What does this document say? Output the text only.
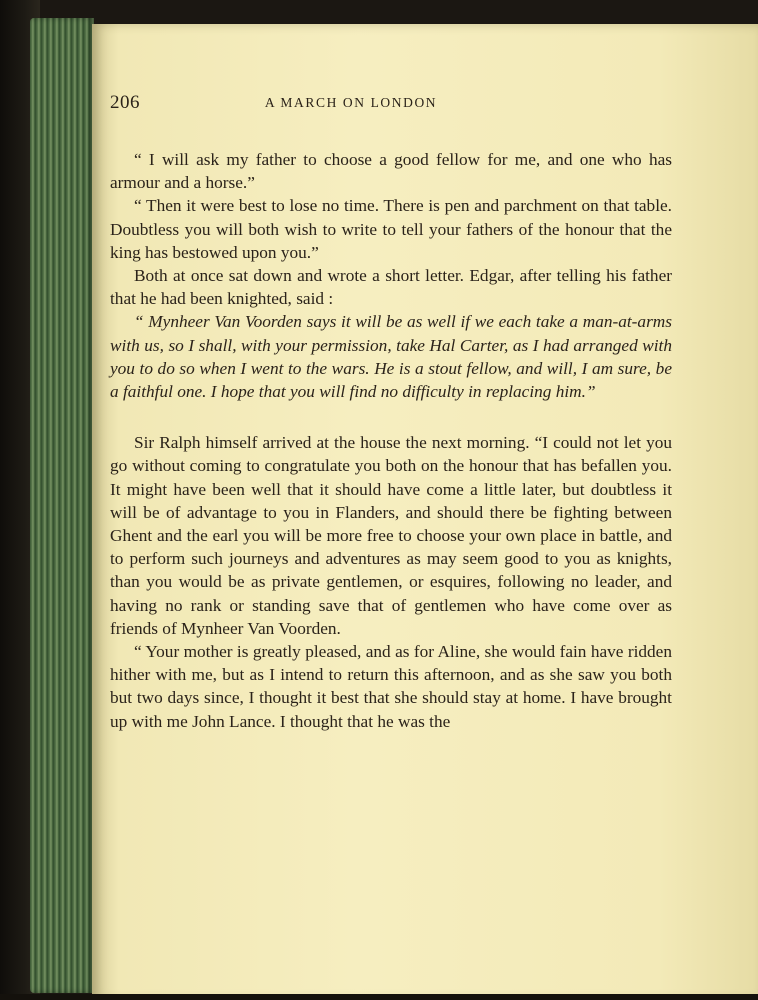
206	A MARCH ON LONDON

“ I will ask my father to choose a good fellow for me, and one who has armour and a horse.”

“ Then it were best to lose no time. There is pen and parchment on that table. Doubtless you will both wish to write to tell your fathers of the honour that the king has bestowed upon you.”

Both at once sat down and wrote a short letter. Edgar, after telling his father that he had been knighted, said :

“ Mynheer Van Voorden says it will be as well if we each take a man-at-arms with us, so I shall, with your permission, take Hal Carter, as I had arranged with you to do so when I went to the wars. He is a stout fellow, and will, I am sure, be a faithful one. I hope that you will find no difficulty in replacing him.”

Sir Ralph himself arrived at the house the next morning. “I could not let you go without coming to congratulate you both on the honour that has befallen you. It might have been well that it should have come a little later, but doubtless it will be of advantage to you in Flanders, and should there be fighting between Ghent and the earl you will be more free to choose your own place in battle, and to perform such journeys and adventures as may seem good to you as knights, than you would be as private gentlemen, or esquires, following no leader, and having no rank or standing save that of gentlemen who have come over as friends of Mynheer Van Voorden.

“ Your mother is greatly pleased, and as for Aline, she would fain have ridden hither with me, but as I intend to return this afternoon, and as she saw you both but two days since, I thought it best that she should stay at home. I have brought up with me John Lance. I thought that he was the
